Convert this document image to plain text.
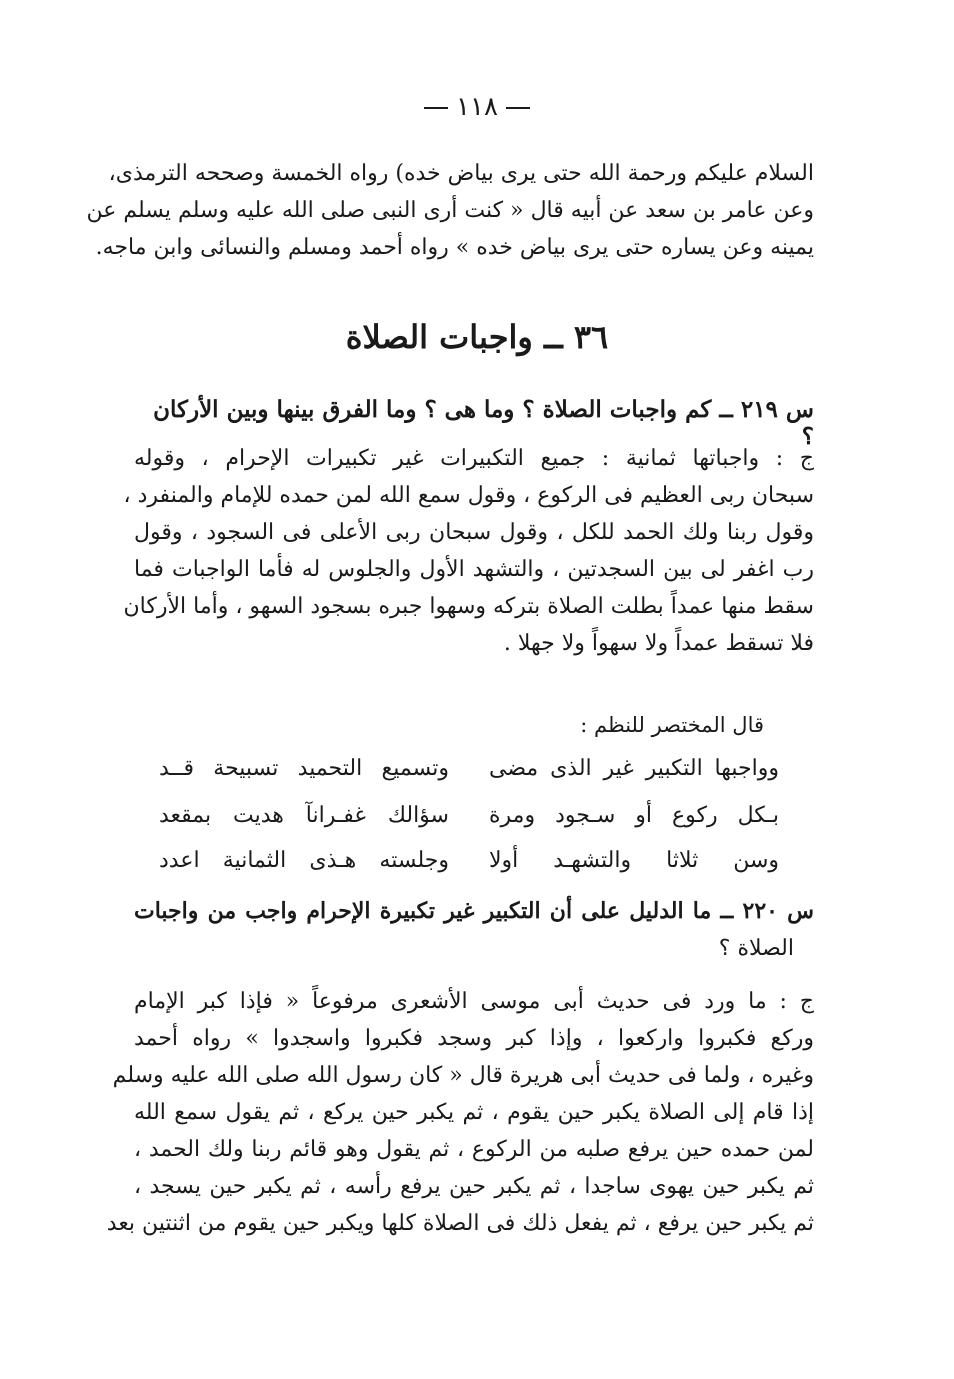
١١٨
السلام عليكم ورحمة الله حتى يرى بياض خده) رواه الخمسة وصححه الترمذى،
وعن عامر بن سعد عن أبيه قال « كنت أرى النبى صلى الله عليه وسلم يسلم عن
يمينه وعن يساره حتى يرى بياض خده » رواه أحمد ومسلم والنسائى وابن ماجه.
٣٦ ــ واجبات الصلاة
س ٢١٩ ــ كم واجبات الصلاة ؟ وما هى ؟ وما الفرق بينها وبين الأركان ؟
ج : واجباتها ثمانية : جميع التكبيرات غير تكبيرات الإحرام ، وقوله
سبحان ربى العظيم فى الركوع ، وقول سمع الله لمن حمده للإمام والمنفرد ،
وقول ربنا ولك الحمد للكل ، وقول سبحان ربى الأعلى فى السجود ، وقول
رب اغفر لى بين السجدتين ، والتشهد الأول والجلوس له فأما الواجبات فما
سقط منها عمداً بطلت الصلاة بتركه وسهوا جبره بسجود السهو ، وأما الأركان
فلا تسقط عمداً ولا سهواً ولا جهلا .
قال المختصر للنظم :
وواجبها التكبير غير الذى مضى
وتسميع التحميد تسبيحة قــد
بـكل ركوع أو سـجود ومرة
سؤالك غفـرانآ هديت بمقعد
وسن ثلاثا والتشهـد أولا
وجلسته هـذى الثمانية اعدد
س ٢٢٠ ــ ما الدليل على أن التكبير غير تكبيرة الإحرام واجب من واجبات
الصلاة ؟
ج : ما ورد فى حديث أبى موسى الأشعرى مرفوعاً « فإذا كبر الإمام
وركع فكبروا واركعوا ، وإذا كبر وسجد فكبروا واسجدوا » رواه أحمد
وغيره ، ولما فى حديث أبى هريرة قال « كان رسول الله صلى الله عليه وسلم
إذا قام إلى الصلاة يكبر حين يقوم ، ثم يكبر حين يركع ، ثم يقول سمع الله
لمن حمده حين يرفع صلبه من الركوع ، ثم يقول وهو قائم ربنا ولك الحمد ،
ثم يكبر حين يهوى ساجدا ، ثم يكبر حين يرفع رأسه ، ثم يكبر حين يسجد ،
ثم يكبر حين يرفع ، ثم يفعل ذلك فى الصلاة كلها ويكبر حين يقوم من اثنتين بعد
